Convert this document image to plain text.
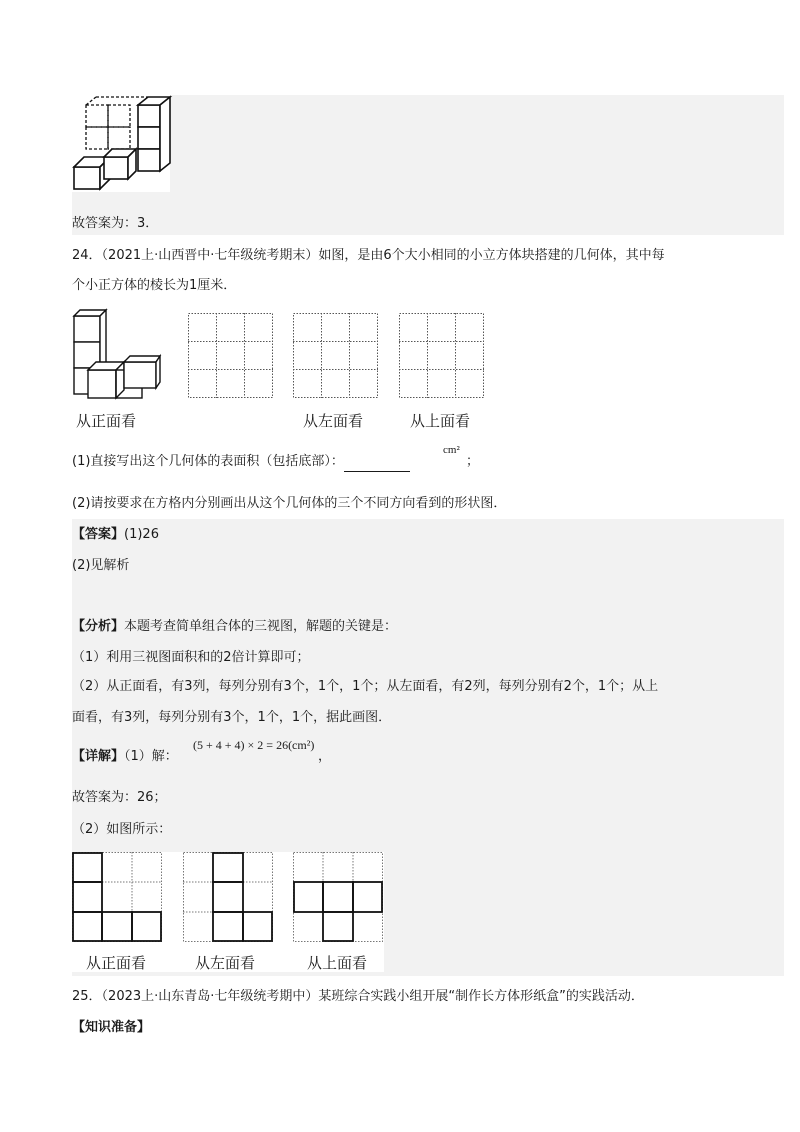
故答案为：3．
24．（2021上·山西晋中·七年级统考期末）如图，是由6个大小相同的小立方体块搭建的几何体，其中每
个小正方体的棱长为1厘米．
从正面看	从左面看	从上面看
(1)直接写出这个几何体的表面积（包括底部）：
cm²
；
(2)请按要求在方格内分别画出从这个几何体的三个不同方向看到的形状图．
【答案】(1)26
(2)见解析
【分析】本题考查简单组合体的三视图，解题的关键是：
（1）利用三视图面积和的2倍计算即可；
（2）从正面看，有3列，每列分别有3个，1个，1个；从左面看，有2列，每列分别有2个，1个；从上
面看，有3列，每列分别有3个，1个，1个，据此画图．
【详解】（1）解：
(5 + 4 + 4) × 2 = 26(cm²)
，
故答案为：26；
（2）如图所示：
从正面看	从左面看	从上面看
25．（2023上·山东青岛·七年级统考期中）某班综合实践小组开展“制作长方体形纸盒”的实践活动．
【知识准备】
